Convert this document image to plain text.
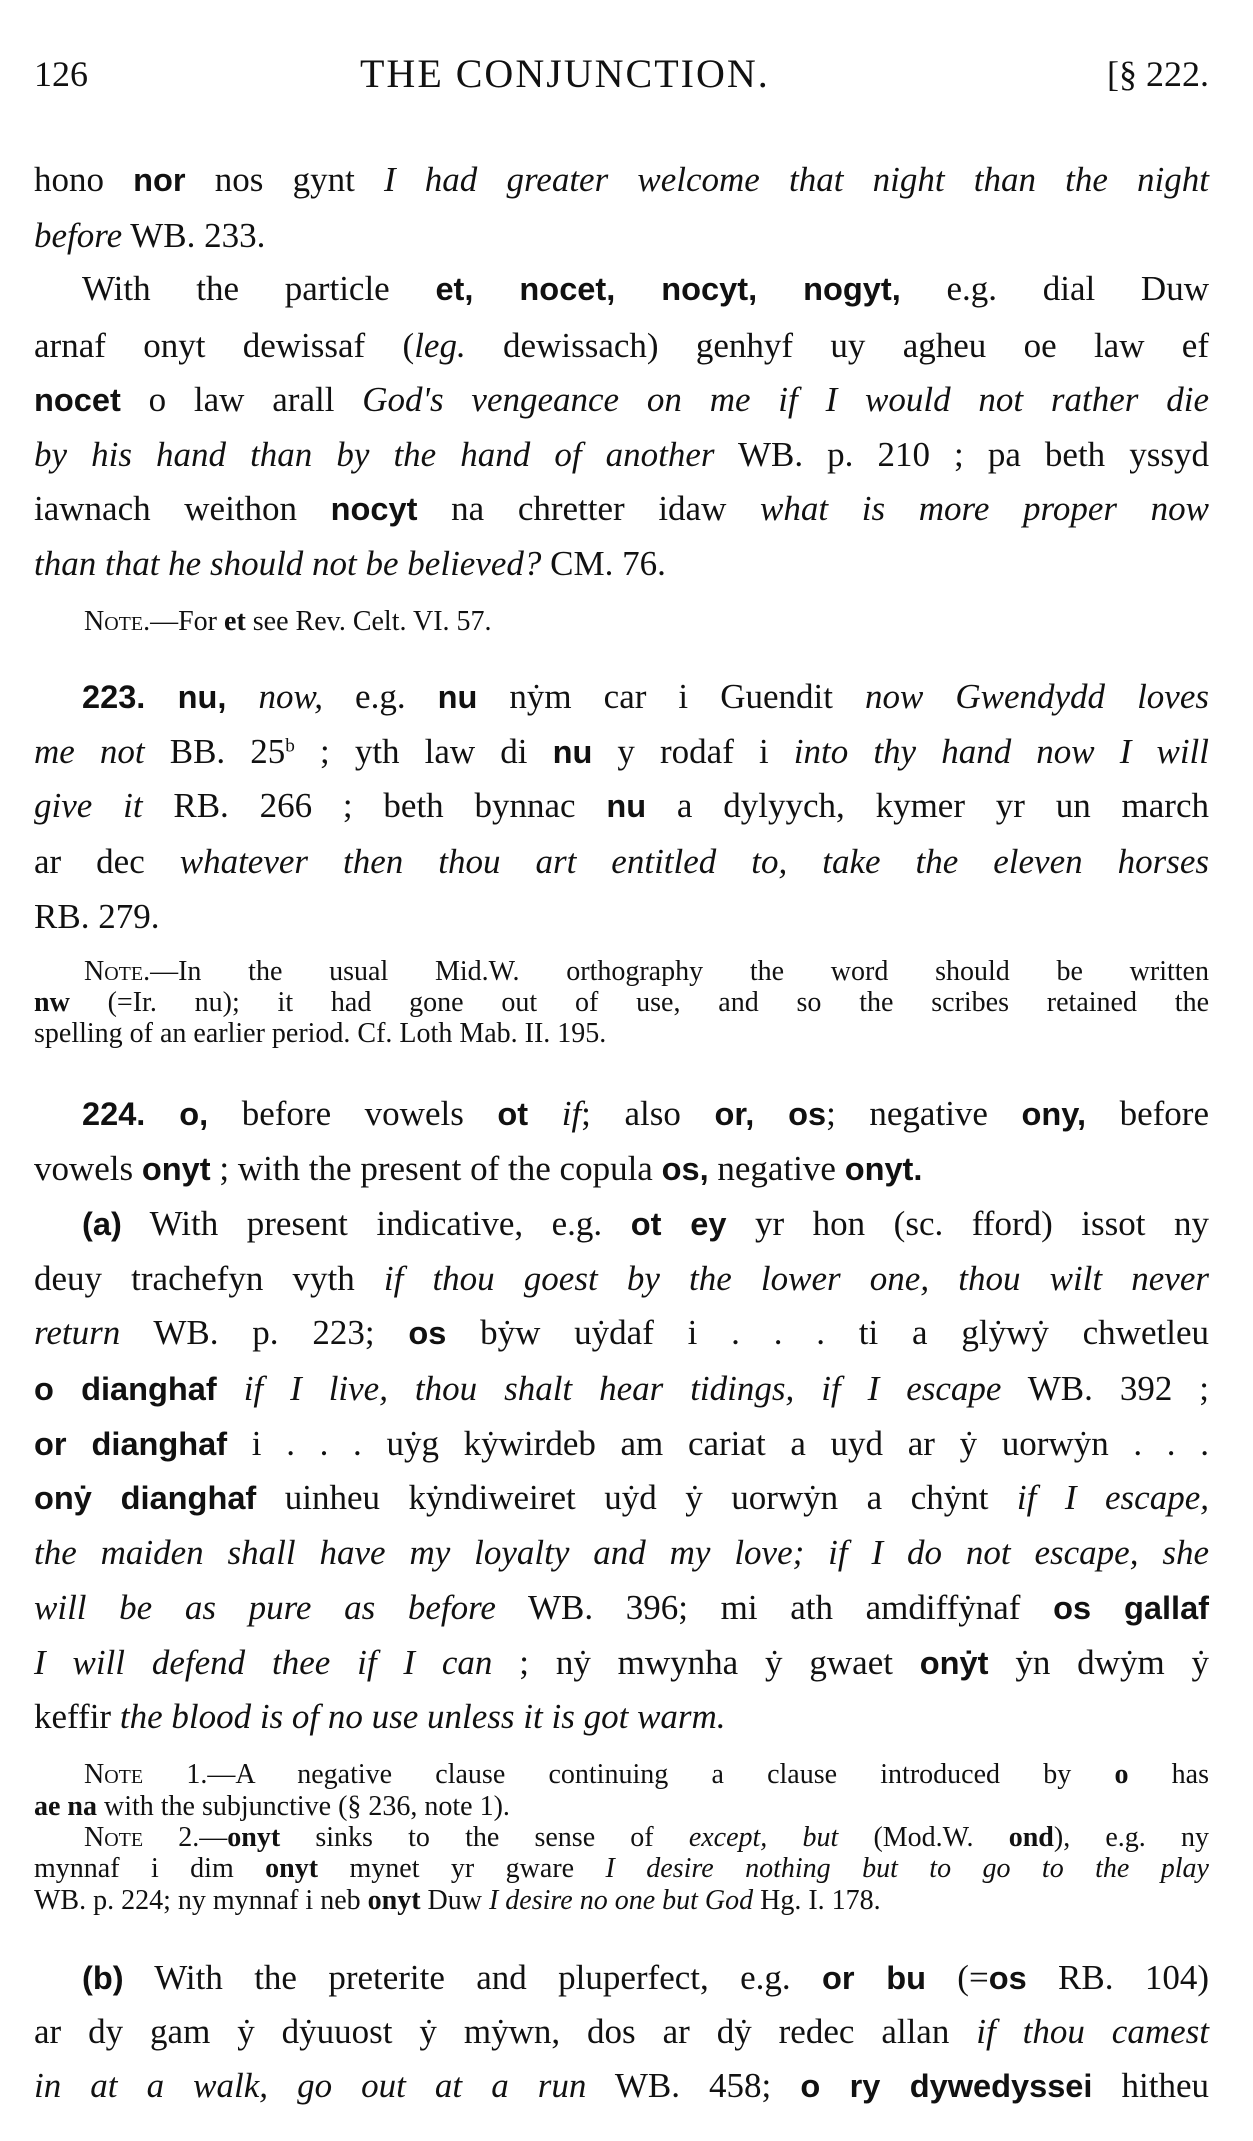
126	THE CONJUNCTION.	[§ 222.
hono nor nos gynt I had greater welcome that night than the night
before WB. 233.
With the particle et, nocet, nocyt, nogyt, e.g. dial Duw
arnaf onyt dewissaf (leg. dewissach) genhyf uy agheu oe law ef
nocet o law arall God's vengeance on me if I would not rather die
by his hand than by the hand of another WB. p. 210 ; pa beth yssyd
iawnach weithon nocyt na chretter idaw what is more proper now
than that he should not be believed? CM. 76.
Note.—For et see Rev. Celt. VI. 57.
223. nu, now, e.g. nu nẏm car i Guendit now Gwendydd loves
me not BB. 25$^b$ ; yth law di nu y rodaf i into thy hand now I will
give it RB. 266 ; beth bynnac nu a dylyych, kymer yr un march
ar dec whatever then thou art entitled to, take the eleven horses
RB. 279.
Note.—In the usual Mid.W. orthography the word should be written
nw (=Ir. nu); it had gone out of use, and so the scribes retained the
spelling of an earlier period. Cf. Loth Mab. II. 195.
224. o, before vowels ot if; also or, os; negative ony, before
vowels onyt ; with the present of the copula os, negative onyt.
(a) With present indicative, e.g. ot ey yr hon (sc. fford) issot ny
deuy trachefyn vyth if thou goest by the lower one, thou wilt never
return WB. p. 223; os bẏw uẏdaf i . . . ti a glẏwẏ chwetleu
o dianghaf if I live, thou shalt hear tidings, if I escape WB. 392 ;
or dianghaf i . . . uẏg kẏwirdeb am cariat a uyd ar ẏ uorwẏn . . .
onẏ dianghaf uinheu kẏndiweiret uẏd ẏ uorwẏn a chẏnt if I escape,
the maiden shall have my loyalty and my love; if I do not escape, she
will be as pure as before WB. 396; mi ath amdiffẏnaf os gallaf
I will defend thee if I can ; nẏ mwynha ẏ gwaet onẏt ẏn dwẏm ẏ
keffir the blood is of no use unless it is got warm.
Note 1.—A negative clause continuing a clause introduced by o has
ae na with the subjunctive (§ 236, note 1).
Note 2.—onyt sinks to the sense of except, but (Mod.W. ond), e.g. ny
mynnaf i dim onyt mynet yr gware I desire nothing but to go to the play
WB. p. 224; ny mynnaf i neb onyt Duw I desire no one but God Hg. I. 178.
(b) With the preterite and pluperfect, e.g. or bu (=os RB. 104)
ar dy gam ẏ dẏuuost ẏ mẏwn, dos ar dẏ redec allan if thou camest
in at a walk, go out at a run WB. 458; o ry dywedyssei hitheu
